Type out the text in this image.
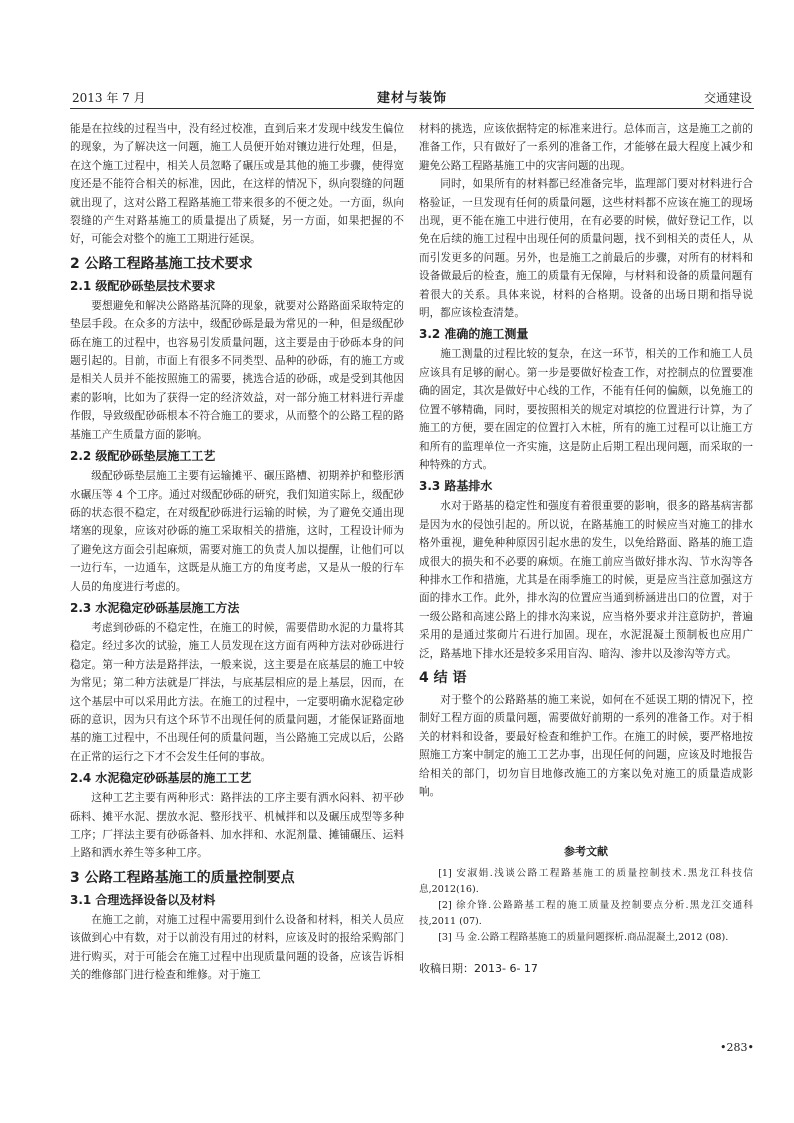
2013 年 7 月	建材与装饰	交通建设

能是在拉线的过程当中，没有经过校准，直到后来才发现中线发生偏位的现象，为了解决这一问题，施工人员便开始对镶边进行处理，但是，在这个施工过程中，相关人员忽略了碾压或是其他的施工步骤，使得宽度还是不能符合相关的标准，因此，在这样的情况下，纵向裂缝的问题就出现了，这对公路工程路基施工带来很多的不便之处。一方面，纵向裂缝的产生对路基施工的质量提出了质疑，另一方面，如果把握的不好，可能会对整个的施工工期进行延误。

2 公路工程路基施工技术要求
2.1 级配砂砾垫层技术要求

要想避免和解决公路路基沉降的现象，就要对公路路面采取特定的垫层手段。在众多的方法中，级配砂砾是最为常见的一种，但是级配砂砾在施工的过程中，也容易引发质量问题，这主要是由于砂砾本身的问题引起的。目前，市面上有很多不同类型、品种的砂砾，有的施工方或是相关人员并不能按照施工的需要，挑选合适的砂砾，或是受到其他因素的影响，比如为了获得一定的经济效益，对一部分施工材料进行弄虚作假，导致级配砂砾根本不符合施工的要求，从而整个的公路工程的路基施工产生质量方面的影响。

2.2 级配砂砾垫层施工工艺

级配砂砾垫层施工主要有运输摊平、碾压路槽、初期养护和整形洒水碾压等 4 个工序。通过对级配砂砾的研究，我们知道实际上，级配砂砾的状态很不稳定，在对级配砂砾进行运输的时候，为了避免交通出现堵塞的现象，应该对砂砾的施工采取相关的措施，这时，工程设计师为了避免这方面会引起麻烦，需要对施工的负责人加以提醒，让他们可以一边行车，一边通车，这既是从施工方的角度考虑，又是从一般的行车人员的角度进行考虑的。

2.3 水泥稳定砂砾基层施工方法

考虑到砂砾的不稳定性，在施工的时候，需要借助水泥的力量将其稳定。经过多次的试验，施工人员发现在这方面有两种方法对砂砾进行稳定。第一种方法是路拌法，一般来说，这主要是在底基层的施工中较为常见；第二种方法就是厂拌法，与底基层相应的是上基层，因而，在这个基层中可以采用此方法。在施工的过程中，一定要明确水泥稳定砂砾的意识，因为只有这个环节不出现任何的质量问题，才能保证路面地基的施工过程中，不出现任何的质量问题，当公路施工完成以后，公路在正常的运行之下才不会发生任何的事故。

2.4 水泥稳定砂砾基层的施工工艺

这种工艺主要有两种形式：路拌法的工序主要有洒水闷料、初平砂砾料、摊平水泥、摆放水泥、整形找平、机械拌和以及碾压成型等多种工序；厂拌法主要有砂砾备料、加水拌和、水泥剂量、摊铺碾压、运料上路和洒水养生等多种工序。

3 公路工程路基施工的质量控制要点
3.1 合理选择设备以及材料

在施工之前，对施工过程中需要用到什么设备和材料，相关人员应该做到心中有数，对于以前没有用过的材料，应该及时的报给采购部门进行购买，对于可能会在施工过程中出现质量问题的设备，应该告诉相关的维修部门进行检查和维修。对于施工

材料的挑选，应该依据特定的标准来进行。总体而言，这是施工之前的准备工作，只有做好了一系列的准备工作，才能够在最大程度上减少和避免公路工程路基施工中的灾害问题的出现。

同时，如果所有的材料都已经准备完毕，监理部门要对材料进行合格验证，一旦发现有任何的质量问题，这些材料都不应该在施工的现场出现，更不能在施工中进行使用，在有必要的时候，做好登记工作，以免在后续的施工过程中出现任何的质量问题，找不到相关的责任人，从而引发更多的问题。另外，也是施工之前最后的步骤，对所有的材料和设备做最后的检查，施工的质量有无保障，与材料和设备的质量问题有着很大的关系。具体来说，材料的合格期。设备的出场日期和指导说明，都应该检查清楚。

3.2 准确的施工测量

施工测量的过程比较的复杂，在这一环节，相关的工作和施工人员应该具有足够的耐心。第一步是要做好检查工作，对控制点的位置要准确的固定，其次是做好中心线的工作，不能有任何的偏颇，以免施工的位置不够精确，同时，要按照相关的规定对填挖的位置进行计算，为了施工的方便，要在固定的位置打入木桩，所有的施工过程可以让施工方和所有的监理单位一齐实施，这是防止后期工程出现问题，而采取的一种特殊的方式。

3.3 路基排水

水对于路基的稳定性和强度有着很重要的影响，很多的路基病害都是因为水的侵蚀引起的。所以说，在路基施工的时候应当对施工的排水格外重视，避免种种原因引起水患的发生，以免给路面、路基的施工造成很大的损失和不必要的麻烦。在施工前应当做好排水沟、节水沟等各种排水工作和措施，尤其是在雨季施工的时候，更是应当注意加强这方面的排水工作。此外，排水沟的位置应当通到桥涵进出口的位置，对于一级公路和高速公路上的排水沟来说，应当格外要求并注意防护，普遍采用的是通过浆砌片石进行加固。现在，水泥混凝土预制板也应用广泛，路基地下排水还是较多采用盲沟、暗沟、渗井以及渗沟等方式。

4 结 语

对于整个的公路路基的施工来说，如何在不延误工期的情况下，控制好工程方面的质量问题，需要做好前期的一系列的准备工作。对于相关的材料和设备，要最好检查和维护工作。在施工的时候，要严格地按照施工方案中制定的施工工艺办事，出现任何的问题，应该及时地报告给相关的部门，切勿盲目地修改施工的方案以免对施工的质量造成影响。

参考文献

[1] 安淑娟.浅谈公路工程路基施工的质量控制技术.黑龙江科技信息,2012(16).

[2] 徐介锋.公路路基工程的施工质量及控制要点分析.黑龙江交通科技,2011 (07).

[3] 马 金.公路工程路基施工的质量问题探析.商品混凝土,2012 (08).

收稿日期：2013- 6- 17
•283•
